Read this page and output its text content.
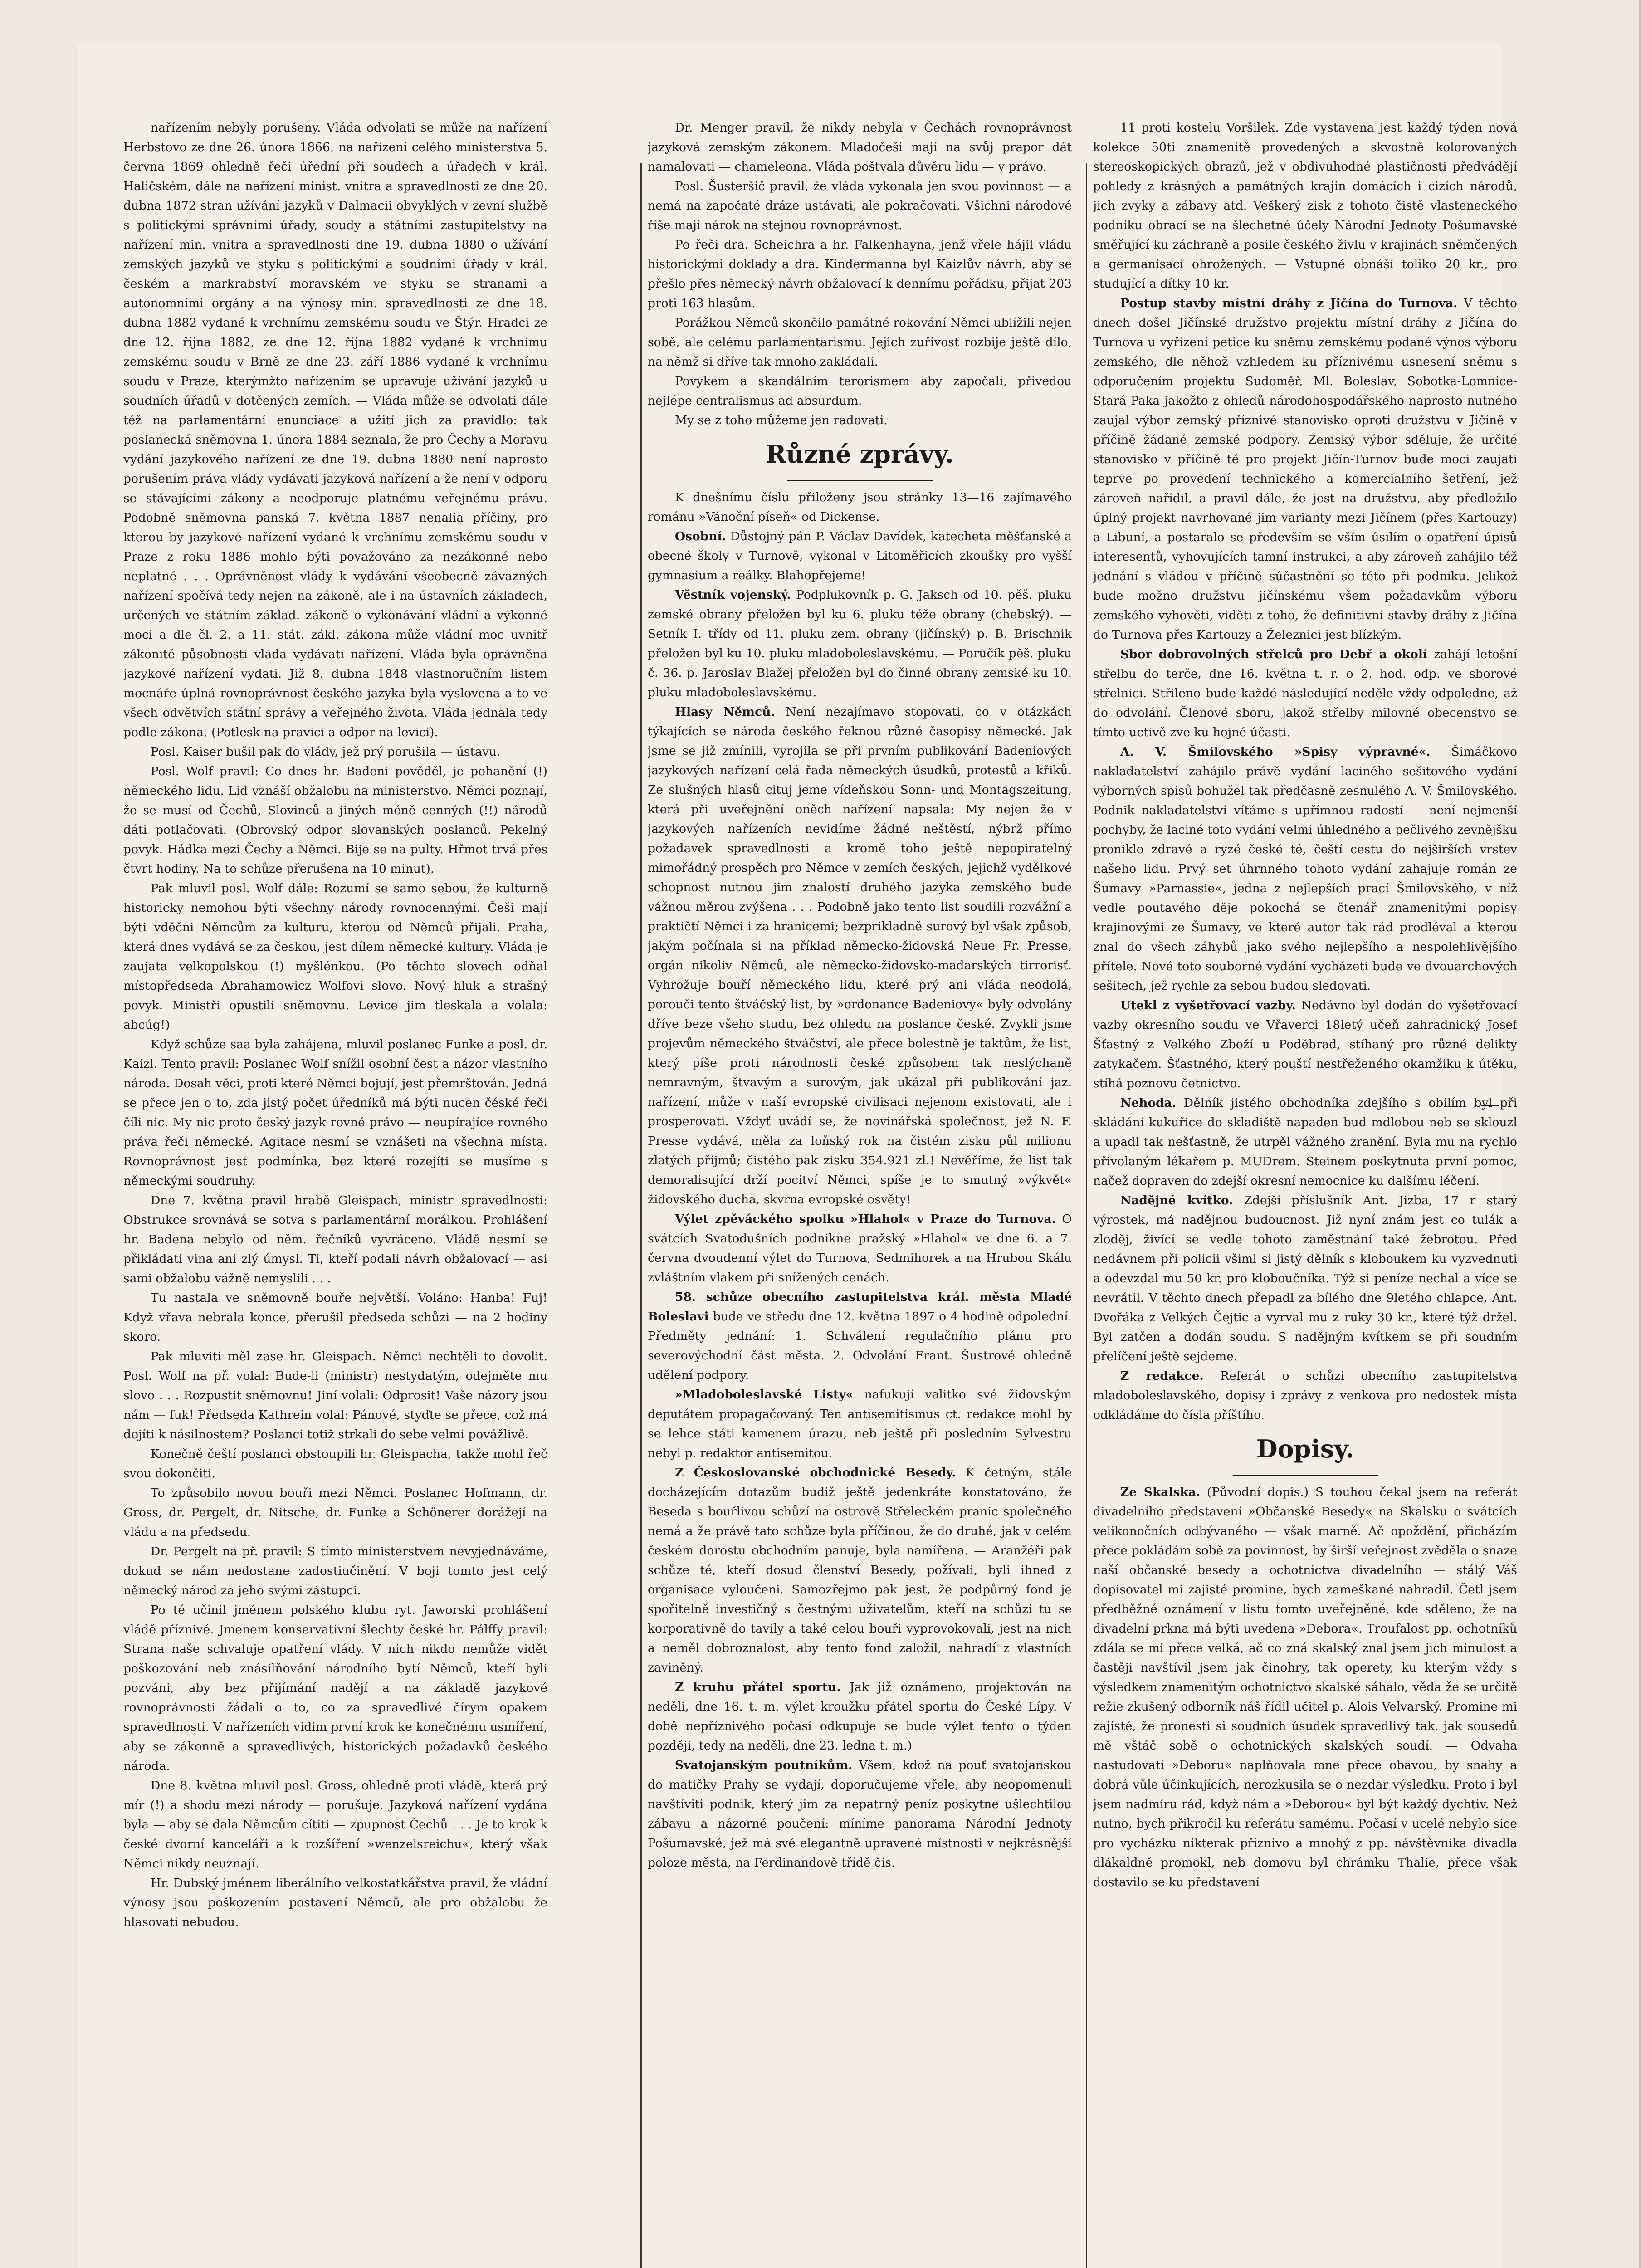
nařízením nebyly porušeny. Vláda odvolati se může na nařízení Herbstovo ze dne 26. února 1866, na nařízení celého ministerstva 5. června 1869 ohledně řeči úřední při soudech a úřadech v král. Haličském, dále na nařízení minist. vnitra a spravedlnosti ze dne 20. dubna 1872 stran užívání jazyků v Dalmacii obvyklých v zevní službě s politickými správními úřady, soudy a státními zastupitelstvy na nařízení min. vnitra a spravedlnosti dne 19. dubna 1880 o užívání zemských jazyků ve styku s politickými a soudními úřady v král. českém a markrabství moravském ve styku se stranami a autonomními orgány a na výnosy min. spravedlnosti ze dne 18. dubna 1882 vydané k vrchnímu zemskému soudu ve Štýr. Hradci ze dne 12. října 1882, ze dne 12. října 1882 vydané k vrchnímu zemskému soudu v Brně ze dne 23. září 1886 vydané k vrchnímu soudu v Praze, kterýmžto nařízením se upravuje užívání jazyků u soudních úřadů v dotčených zemích. — Vláda může se odvolati dále též na parlamentární enunciace a užití jich za pravidlo: tak poslanecká sněmovna 1. února 1884 seznala, že pro Čechy a Moravu vydání jazykového nařízení ze dne 19. dubna 1880 není naprosto porušením práva vlády vydávati jazyková nařízení a že není v odporu se stávajícími zákony a neodporuje platnému veřejnému právu. Podobně sněmovna panská 7. května 1887 nenalia příčiny, pro kterou by jazykové nařízení vydané k vrchnímu zemskému soudu v Praze z roku 1886 mohlo býti považováno za nezákonné nebo neplatné . . . Oprávněnost vlády k vydávání všeobecně závazných nařízení spočívá tedy nejen na zákoně, ale i na ústavních základech, určených ve státním základ. zákoně o vykonávání vládní a výkonné moci a dle čl. 2. a 11. stát. zákl. zákona může vládní moc uvnitř zákonité působnosti vláda vydávati nařízení. Vláda byla oprávněna jazykové nařízení vydati. Již 8. dubna 1848 vlastnoručním listem mocnáře úplná rovnoprávnost českého jazyka byla vyslovena a to ve všech odvětvích státní správy a veřejného života. Vláda jednala tedy podle zákona. (Potlesk na pravici a odpor na levici).

Posl. Kaiser bušil pak do vlády, jež prý porušila — ústavu.

Posl. Wolf pravil: Co dnes hr. Badeni pověděl, je pohanění (!) německého lidu. Lid vznáší obžalobu na ministerstvo. Němci poznají, že se musí od Čechů, Slovinců a jiných méně cenných (!!) národů dáti potlačovati. (Obrovský odpor slovanských poslanců. Pekelný povyk. Hádka mezi Čechy a Němci. Bije se na pulty. Hřmot trvá přes čtvrt hodiny. Na to schůze přerušena na 10 minut).

Pak mluvil posl. Wolf dále: Rozumí se samo sebou, že kulturně historicky nemohou býti všechny národy rovnocennými. Češi mají býti vděčni Němcům za kulturu, kterou od Němců přijali. Praha, která dnes vydává se za českou, jest dílem německé kultury. Vláda je zaujata velkopolskou (!) myšlénkou. (Po těchto slovech odňal místopředseda Abrahamowicz Wolfovi slovo. Nový hluk a strašný povyk. Ministři opustili sněmovnu. Levice jim tleskala a volala: abcúg!)

Když schůze saa byla zahájena, mluvil poslanec Funke a posl. dr. Kaizl. Tento pravil: Poslanec Wolf snížil osobní čest a názor vlastního národa. Dosah věci, proti které Němci bojují, jest přemrštován. Jedná se přece jen o to, zda jistý počet úředníků má býti nucen čéské řeči číli nic. My nic proto český jazyk rovné právo — neupírajíce rovného práva řeči německé. Agitace nesmí se vznášeti na všechna místa. Rovnoprávnost jest podmínka, bez které rozejíti se musíme s německými soudruhy.

Dne 7. května pravil hrabě Gleispach, ministr spravedlnosti: Obstrukce srovnává se sotva s parlamentární morálkou. Prohlášení hr. Badena nebylo od něm. řečníků vyvráceno. Vládě nesmí se přikládati vina ani zlý úmysl. Ti, kteří podali návrh obžalovací — asi sami obžalobu vážně nemyslili . . .

Tu nastala ve sněmovně bouře největší. Voláno: Hanba! Fuj! Když vřava nebrala konce, přerušil předseda schůzi — na 2 hodiny skoro.

Pak mluviti měl zase hr. Gleispach. Němci nechtěli to dovolit. Posl. Wolf na př. volal: Bude-li (ministr) nestydatým, odejměte mu slovo . . . Rozpustit sněmovnu! Jiní volali: Odprosit! Vaše názory jsou nám — fuk! Předseda Kathrein volal: Pánové, styďte se přece, což má dojíti k násilnostem? Poslanci totiž strkali do sebe velmi povážlivě.

Konečně čeští poslanci obstoupili hr. Gleispacha, takže mohl řeč svou dokončiti.

To způsobilo novou bouři mezi Němci. Poslanec Hofmann, dr. Gross, dr. Pergelt, dr. Nitsche, dr. Funke a Schönerer dorážejí na vládu a na předsedu.

Dr. Pergelt na př. pravil: S tímto ministerstvem nevyjednáváme, dokud se nám nedostane zadostiučinění. V boji tomto jest celý německý národ za jeho svými zástupci.

Po té učinil jménem polského klubu ryt. Jaworski prohlášení vládě příznivé. Jmenem konservativní šlechty české hr. Pálffy pravil: Strana naše schvaluje opatření vlády. V nich nikdo nemůže vidět poškozování neb znásilňování národního bytí Němců, kteří byli pozváni, aby bez přijímání nadějí a na základě jazykové rovnoprávnosti žádali o to, co za spravedlivé čírym opakem spravedlnosti. V nařízeních vidim první krok ke konečnému usmíření, aby se zákonně a spravedlivých, historických požadavků českého národa.

Dne 8. května mluvil posl. Gross, ohledně proti vládě, která prý mír (!) a shodu mezi národy — porušuje. Jazyková nařízení vydána byla — aby se dala Němcům cítiti — zpupnost Čechů . . . Je to krok k české dvorní kanceláři a k rozšíření »wenzelsreichu«, který však Němci nikdy neuznají.

Hr. Dubský jménem liberálního velkostatkářstva pravil, že vládní výnosy jsou poškozením postavení Němců, ale pro obžalobu že hlasovati nebudou.

Dr. Menger pravil, že nikdy nebyla v Čechách rovnoprávnost jazyková zemským zákonem. Mladočeši mají na svůj prapor dát namalovati — chameleona. Vláda poštvala důvěru lidu — v právo.

Posl. Šusteršič pravil, že vláda vykonala jen svou povinnost — a nemá na započaté dráze ustávati, ale pokračovati. Všichni národové říše mají nárok na stejnou rovnoprávnost.

Po řeči dra. Scheichra a hr. Falkenhayna, jenž vřele hájil vládu historickými doklady a dra. Kindermanna byl Kaizlův návrh, aby se přešlo přes německý návrh obžalovací k dennímu pořádku, přijat 203 proti 163 hlasům.

Porážkou Němců skončilo památné rokování Němci ublížili nejen sobě, ale celému parlamentarismu. Jejich zuřivost rozbije ještě dílo, na němž si dříve tak mnoho zakládali.

Povykem a skandálním terorismem aby započali, přivedou nejlépe centralismus ad absurdum.

My se z toho můžeme jen radovati.

Různé zprávy.

K dnešnímu číslu přiloženy jsou stránky 13—16 zajímavého románu »Vánoční píseň« od Dickense.

Osobní. Důstojný pán P. Václav Davídek, katecheta měšťanské a obecné školy v Turnově, vykonal v Litoměřicích zkoušky pro vyšší gymnasium a reálky. Blahopřejeme!

Věstník vojenský. Podplukovník p. G. Jaksch od 10. pěš. pluku zemské obrany přeložen byl ku 6. pluku téže obrany (chebský). — Setník I. třídy od 11. pluku zem. obrany (jičínský) p. B. Brischnik přeložen byl ku 10. pluku mladoboleslavskému. — Poručík pěš. pluku č. 36. p. Jaroslav Blažej přeložen byl do činné obrany zemské ku 10. pluku mladoboleslavskému.

Hlasy Němců. Není nezajímavo stopovati, co v otázkách týkajících se národa českého řeknou různé časopisy německé. Jak jsme se již zmínili, vyrojila se při prvním publikování Badeniových jazykových nařízení celá řada německých úsudků, protestů a křiků. Ze slušných hlasů cituj jeme vídeňskou Sonn- und Montagszeitung, která při uveřejnění oněch nařízení napsala: My nejen že v jazykových nařízeních nevidíme žádné neštěstí, nýbrž přímo požadavek spravedlnosti a kromě toho ještě nepopiratelný mimořádný prospěch pro Němce v zemích českých, jejichž vydělkové schopnost nutnou jim znalostí druhého jazyka zemského bude vážnou měrou zvýšena . . . Podobně jako tento list soudili rozvážní a praktičtí Němci i za hranicemi; bezprikladně surový byl však způsob, jakým počínala si na příklad německo-židovská Neue Fr. Presse, orgán nikoliv Němců, ale německo-židovsko-madarských tirrorisť. Vyhrožuje bouří německého lidu, které prý ani vláda neodolá, porouči tento štváčský list, by »ordonance Badeniovy« byly odvolány dříve beze všeho studu, bez ohledu na poslance české. Zvykli jsme projevům německého štváčství, ale přece bolestně je taktům, že list, který píše proti národnosti české způsobem tak neslýchaně nemravným, štvavým a surovým, jak ukázal při publikování jaz. nařízení, může v naší evropské civilisaci nejenom existovati, ale i prosperovati. Vždyť uvádí se, že novinářská společnost, jež N. F. Presse vydává, měla za loňský rok na čistém zisku půl milionu zlatých příjmů; čistého pak zisku 354.921 zl.! Nevěříme, že list tak demoralisující drží pocitví Němci, spíše je to smutný »výkvět« židovského ducha, skvrna evropské osvěty!

Výlet zpěváckého spolku »Hlahol« v Praze do Turnova. O svátcích Svatodušních podnikne pražský »Hlahol« ve dne 6. a 7. června dvoudenní výlet do Turnova, Sedmihorek a na Hrubou Skálu zvláštním vlakem při snížených cenách.

58. schůze obecního zastupitelstva král. města Mladé Boleslavi bude ve středu dne 12. května 1897 o 4 hodině odpolední. Předměty jednání: 1. Schválení regulačního plánu pro severovýchodní část města. 2. Odvolání Frant. Šustrové ohledně udělení podpory.

»Mladoboleslavské Listy« nafukují valitko své židovským deputátem propagačovaný. Ten antisemitismus ct. redakce mohl by se lehce státi kamenem úrazu, neb ještě při posledním Sylvestru nebyl p. redaktor antisemitou.

Z Českoslovanské obchodnické Besedy. K četným, stále docházejícím dotazům budiž ještě jedenkráte konstatováno, že Beseda s bouřlivou schůzí na ostrově Střeleckém pranic společného nemá a že právě tato schůze byla příčinou, že do druhé, jak v celém českém dorostu obchodním panuje, byla namířena. — Aranžéři pak schůze té, kteří dosud členství Besedy, požívali, byli ihned z organisace vyloučeni. Samozřejmo pak jest, že podpůrný fond je spořitelně investičný s čestnými uživatelům, kteří na schůzi tu se korporativně do tavily a také celou bouři vyprovokovali, jest na nich a neměl dobroznalost, aby tento fond založil, nahradí z vlastních zaviněný.

Z kruhu přátel sportu. Jak již oznámeno, projektován na neděli, dne 16. t. m. výlet kroužku přátel sportu do České Lípy. V době nepříznivého počasí odkupuje se bude výlet tento o týden později, tedy na neděli, dne 23. ledna t. m.)

Svatojanským poutníkům. Všem, kdož na pouť svatojanskou do matičky Prahy se vydají, doporučujeme vřele, aby neopomenuli navštíviti podnik, který jim za nepatrný peníz poskytne ušlechtilou zábavu a názorné poučení: míníme panorama Národní Jednoty Pošumavské, jež má své elegantně upravené místnosti v nejkrásnější poloze města, na Ferdinandově třídě čís.

11 proti kostelu Voršilek. Zde vystavena jest každý týden nová kolekce 50ti znamenitě provedených a skvostně kolorovaných stereoskopických obrazů, jež v obdivuhodné plastičnosti předvádějí pohledy z krásných a památných krajin domácích i cizích národů, jich zvyky a zábavy atd. Veškerý zisk z tohoto čistě vlasteneckého podniku obrací se na šlechetné účely Národní Jednoty Pošumavské směřující ku záchraně a posile českého živlu v krajinách sněmčených a germanisací ohrožených. — Vstupné obnáší toliko 20 kr., pro studující a dítky 10 kr.

Postup stavby místní dráhy z Jičína do Turnova. V těchto dnech došel Jičínské družstvo projektu místní dráhy z Jičína do Turnova u vyřízení petice ku sněmu zemskému podané výnos výboru zemského, dle něhož vzhledem ku příznivému usnesení sněmu s odporučením projektu Sudoměř, Ml. Boleslav, Sobotka-Lomnice-Stará Paka jakožto z ohledů národohospodářského naprosto nutného zaujal výbor zemský příznivé stanovisko oproti družstvu v Jičíně v příčině žádané zemské podpory. Zemský výbor sděluje, že určité stanovisko v příčině té pro projekt Jičín-Turnov bude moci zaujati teprve po provedení technického a komercialního šetření, jež zároveň nařídil, a pravil dále, že jest na družstvu, aby předložilo úplný projekt navrhované jim varianty mezi Jičínem (přes Kartouzy) a Libuní, a postaralo se především se vším úsilím o opatření úpisů interesentů, vyhovujících tamní instrukci, a aby zároveň zahájilo též jednání s vládou v příčině súčastnění se této při podniku. Jelikož bude možno družstvu jičínskému všem požadavkům výboru zemského vyhověti, viděti z toho, že definitivní stavby dráhy z Jičína do Turnova přes Kartouzy a Železnici jest blízkým.

Sbor dobrovolných střelců pro Debř a okolí zahájí letošní střelbu do terče, dne 16. května t. r. o 2. hod. odp. ve sborové střelnici. Střileno bude každé následující neděle vždy odpoledne, až do odvolání. Členové sboru, jakož střelby milovné obecenstvo se tímto uctivě zve ku hojné účasti.

A. V. Šmilovského »Spisy výpravné«. Šimáčkovo nakladatelství zahájilo právě vydání laciného sešitového vydání výborných spisů bohužel tak předčasně zesnulého A. V. Šmilovského. Podnik nakladatelství vítáme s upřímnou radostí — není nejmenší pochyby, že laciné toto vydání velmi úhledného a pečlivého zevnějšku proniklo zdravé a ryzé české té, čeští cestu do nejširších vrstev našeho lidu. Prvý set úhrnného tohoto vydání zahajuje román ze Šumavy »Parnassie«, jedna z nejlepších prací Šmilovského, v níž vedle poutavého děje pokochá se čtenář znamenitými popisy krajinovými ze Šumavy, ve které autor tak rád prodléval a kterou znal do všech záhybů jako svého nejlepšího a nespolehlivějšího přítele. Nové toto souborné vydání vycházeti bude ve dvouarchových sešitech, jež rychle za sebou budou sledovati.

Utekl z vyšetřovací vazby. Nedávno byl dodán do vyšetřovací vazby okresního soudu ve Vřaverci 18letý učeň zahradnický Josef Šťastný z Velkého Zboží u Poděbrad, stíhaný pro různé delikty zatykačem. Šťastného, který pouští nestřeženého okamžiku k útěku, stíhá poznovu četnictvo.

Nehoda. Dělník jistého obchodníka zdejšího s obilím byl při skládání kukuřice do skladiště napaden bud mdlobou neb se sklouzl a upadl tak nešťastně, že utrpěl vážného zranění. Byla mu na rychlo přivolaným lékařem p. MUDrem. Steinem poskytnuta první pomoc, načež dopraven do zdejší okresní nemocnice ku dalšímu léčení.

Nadějné kvítko. Zdejší příslušník Ant. Jizba, 17 r starý výrostek, má nadějnou budoucnost. Již nyní znám jest co tulák a zloděj, živící se vedle tohoto zaměstnání také žebrotou. Před nedávnem při policii všiml si jistý dělník s kloboukem ku vyzvednuti a odevzdal mu 50 kr. pro kloboučníka. Týž si peníze nechal a více se nevrátil. V těchto dnech přepadl za bílého dne 9letého chlapce, Ant. Dvořáka z Velkých Čejtic a vyrval mu z ruky 30 kr., které týž držel. Byl zatčen a dodán soudu. S nadějným kvítkem se při soudním přelíčení ještě sejdeme.

Z redakce. Referát o schůzi obecního zastupitelstva mladoboleslavského, dopisy i zprávy z venkova pro nedostek místa odkládáme do čísla příštího.

Dopisy.

Ze Skalska. (Původní dopis.) S touhou čekal jsem na referát divadelního představení »Občanské Besedy« na Skalsku o svátcích velikonočních odbývaného — však marně. Ač opoždění, přicházím přece pokládám sobě za povinnost, by širší veřejnost zvěděla o snaze naší občanské besedy a ochotnictva divadelního — stálý Váš dopisovatel mi zajisté promine, bych zameškané nahradil. Četl jsem předběžné oznámení v listu tomto uveřejněné, kde sděleno, že na divadelní prkna má býti uvedena »Debora«. Troufalost pp. ochotníků zdála se mi přece velká, ač co zná skalský znal jsem jich minulost a častěji navštívil jsem jak činohry, tak operety, ku kterým vždy s výsledkem znamenitým ochotnictvo skalské sáhalo, věda že se určitě režie zkušený odborník náš řídil učitel p. Alois Velvarský. Promine mi zajisté, že pronesti si soudních úsudek spravedlivý tak, jak sousedů mě vštáč sobě o ochotnických skalských soudí. — Odvaha nastudovati »Deboru« naplňovala mne přece obavou, by snahy a dobrá vůle účinkujících, nerozkusila se o nezdar výsledku. Proto i byl jsem nadmíru rád, když nám a »Deborou« byl být každý dychtiv. Než nutno, bych přikročil ku referátu samému. Počasí v ucelé nebylo sice pro vycházku nikterak příznivo a mnohý z pp. návštěvníka divadla dlákaldně promokl, neb domovu byl chrámku Thalie, přece však dostavilo se ku představení
